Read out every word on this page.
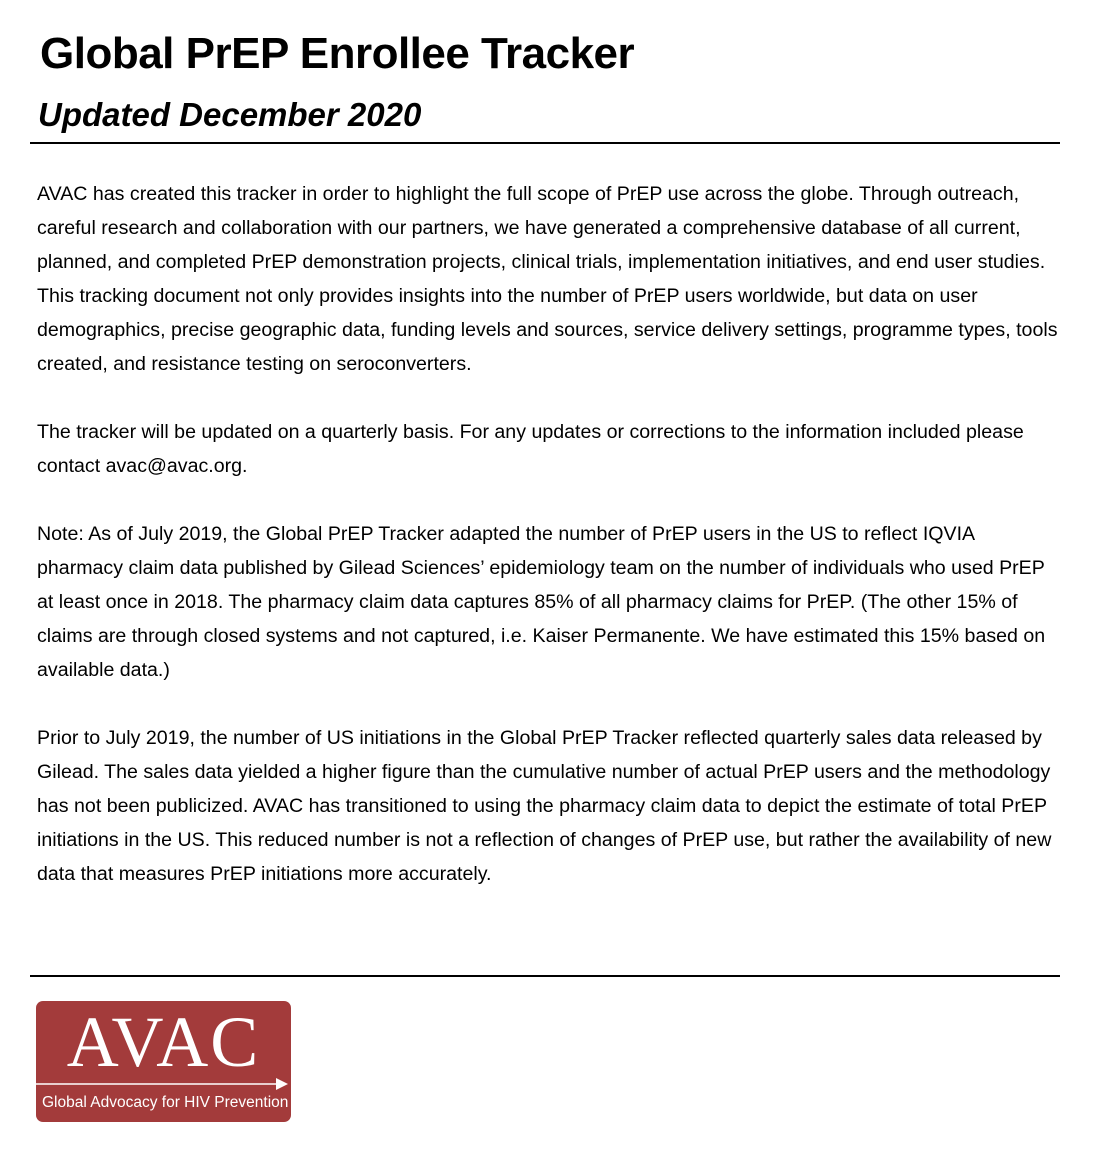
Global PrEP Enrollee Tracker
Updated December 2020

AVAC has created this tracker in order to highlight the full scope of PrEP use across the globe. Through outreach, careful research and collaboration with our partners, we have generated a comprehensive database of all current, planned, and completed PrEP demonstration projects, clinical trials, implementation initiatives, and end user studies. This tracking document not only provides insights into the number of PrEP users worldwide, but data on user demographics, precise geographic data, funding levels and sources, service delivery settings, programme types, tools created, and resistance testing on seroconverters.

The tracker will be updated on a quarterly basis. For any updates or corrections to the information included please contact avac@avac.org.

Note: As of July 2019, the Global PrEP Tracker adapted the number of PrEP users in the US to reflect IQVIA pharmacy claim data published by Gilead Sciences’ epidemiology team on the number of individuals who used PrEP at least once in 2018. The pharmacy claim data captures 85% of all pharmacy claims for PrEP. (The other 15% of claims are through closed systems and not captured, i.e. Kaiser Permanente. We have estimated this 15% based on available data.)

Prior to July 2019, the number of US initiations in the Global PrEP Tracker reflected quarterly sales data released by Gilead. The sales data yielded a higher figure than the cumulative number of actual PrEP users and the methodology has not been publicized. AVAC has transitioned to using the pharmacy claim data to depict the estimate of total PrEP initiations in the US. This reduced number is not a reflection of changes of PrEP use, but rather the availability of new data that measures PrEP initiations more accurately.

AVAC
Global Advocacy for HIV Prevention
